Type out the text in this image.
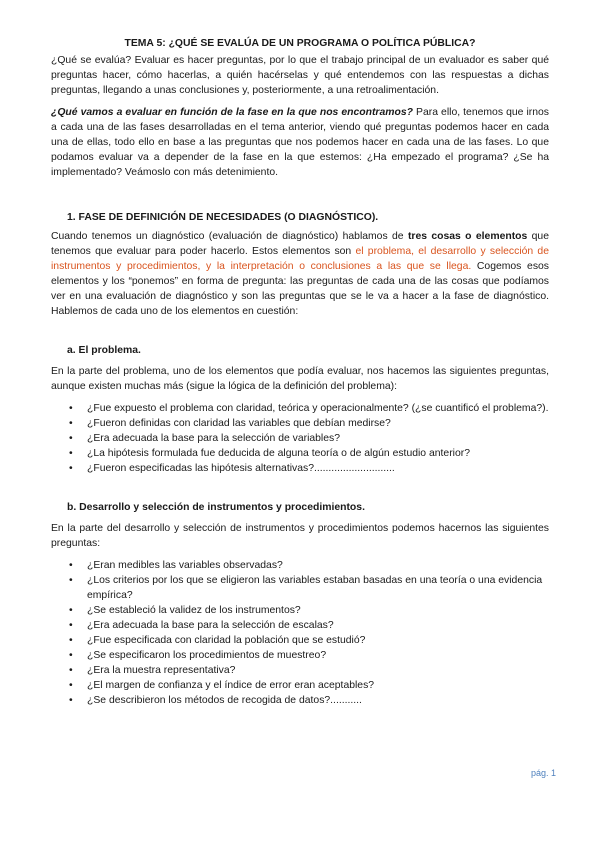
TEMA 5: ¿QUÉ SE EVALÚA DE UN PROGRAMA O POLÍTICA PÚBLICA?

¿Qué se evalúa? Evaluar es hacer preguntas, por lo que el trabajo principal de un evaluador es saber qué preguntas hacer, cómo hacerlas, a quién hacérselas y qué entendemos con las respuestas a dichas preguntas, llegando a unas conclusiones y, posteriormente, a una retroalimentación.

¿Qué vamos a evaluar en función de la fase en la que nos encontramos? Para ello, tenemos que irnos a cada una de las fases desarrolladas en el tema anterior, viendo qué preguntas podemos hacer en cada una de ellas, todo ello en base a las preguntas que nos podemos hacer en cada una de las fases. Lo que podamos evaluar va a depender de la fase en la que estemos: ¿Ha empezado el programa? ¿Se ha implementado? Veámoslo con más detenimiento.

1. FASE DE DEFINICIÓN DE NECESIDADES (O DIAGNÓSTICO).

Cuando tenemos un diagnóstico (evaluación de diagnóstico) hablamos de tres cosas o elementos que tenemos que evaluar para poder hacerlo. Estos elementos son el problema, el desarrollo y selección de instrumentos y procedimientos, y la interpretación o conclusiones a las que se llega. Cogemos esos elementos y los “ponemos” en forma de pregunta: las preguntas de cada una de las cosas que podíamos ver en una evaluación de diagnóstico y son las preguntas que se le va a hacer a la fase de diagnóstico. Hablemos de cada uno de los elementos en cuestión:

a. El problema.

En la parte del problema, uno de los elementos que podía evaluar, nos hacemos las siguientes preguntas, aunque existen muchas más (sigue la lógica de la definición del problema):

• ¿Fue expuesto el problema con claridad, teórica y operacionalmente? (¿se cuantificó el problema?).
• ¿Fueron definidas con claridad las variables que debían medirse?
• ¿Era adecuada la base para la selección de variables?
• ¿La hipótesis formulada fue deducida de alguna teoría o de algún estudio anterior?
• ¿Fueron especificadas las hipótesis alternativas?............................
b. Desarrollo y selección de instrumentos y procedimientos.

En la parte del desarrollo y selección de instrumentos y procedimientos podemos hacernos las siguientes preguntas:

• ¿Eran medibles las variables observadas?
• ¿Los criterios por los que se eligieron las variables estaban basadas en una teoría o una evidencia empírica?
• ¿Se estableció la validez de los instrumentos?
• ¿Era adecuada la base para la selección de escalas?
• ¿Fue especificada con claridad la población que se estudió?
• ¿Se especificaron los procedimientos de muestreo?
• ¿Era la muestra representativa?
• ¿El margen de confianza y el índice de error eran aceptables?
• ¿Se describieron los métodos de recogida de datos?...........
pág. 1
